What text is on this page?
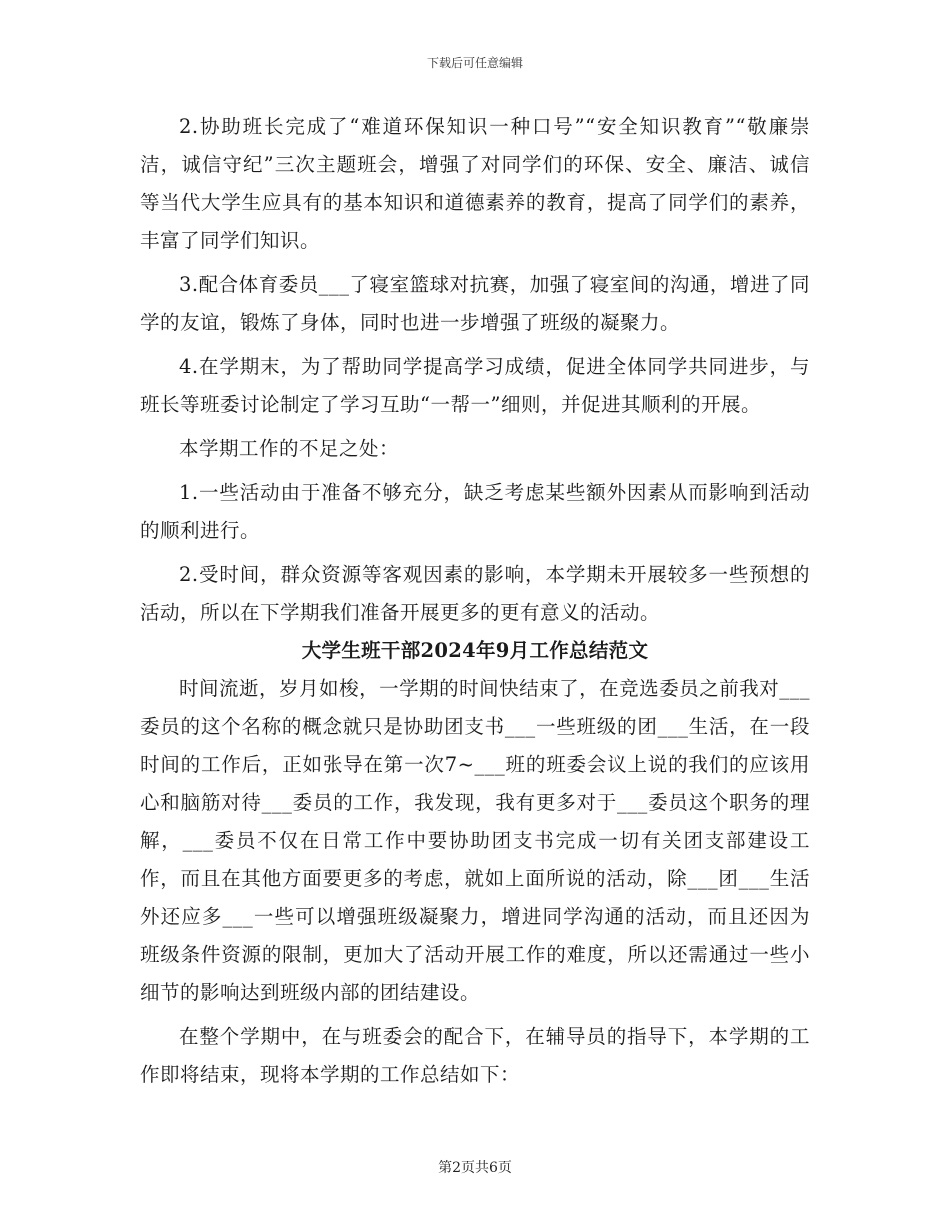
下载后可任意编辑

2.协助班长完成了“难道环保知识一种口号”“安全知识教育”“敬廉崇洁，诚信守纪”三次主题班会，增强了对同学们的环保、安全、廉洁、诚信等当代大学生应具有的基本知识和道德素养的教育，提高了同学们的素养，丰富了同学们知识。

3.配合体育委员___了寝室篮球对抗赛，加强了寝室间的沟通，增进了同学的友谊，锻炼了身体，同时也进一步增强了班级的凝聚力。

4.在学期末，为了帮助同学提高学习成绩，促进全体同学共同进步，与班长等班委讨论制定了学习互助“一帮一”细则，并促进其顺利的开展。

本学期工作的不足之处：

1.一些活动由于准备不够充分，缺乏考虑某些额外因素从而影响到活动的顺利进行。

2.受时间，群众资源等客观因素的影响，本学期未开展较多一些预想的活动，所以在下学期我们准备开展更多的更有意义的活动。

大学生班干部2024年9月工作总结范文

时间流逝，岁月如梭，一学期的时间快结束了，在竞选委员之前我对___委员的这个名称的概念就只是协助团支书___一些班级的团___生活，在一段时间的工作后，正如张导在第一次7~___班的班委会议上说的我们的应该用心和脑筋对待___委员的工作，我发现，我有更多对于___委员这个职务的理解，___委员不仅在日常工作中要协助团支书完成一切有关团支部建设工作，而且在其他方面要更多的考虑，就如上面所说的活动，除___团___生活外还应多___一些可以增强班级凝聚力，增进同学沟通的活动，而且还因为班级条件资源的限制，更加大了活动开展工作的难度，所以还需通过一些小细节的影响达到班级内部的团结建设。

在整个学期中，在与班委会的配合下，在辅导员的指导下，本学期的工作即将结束，现将本学期的工作总结如下：

第2页共6页
